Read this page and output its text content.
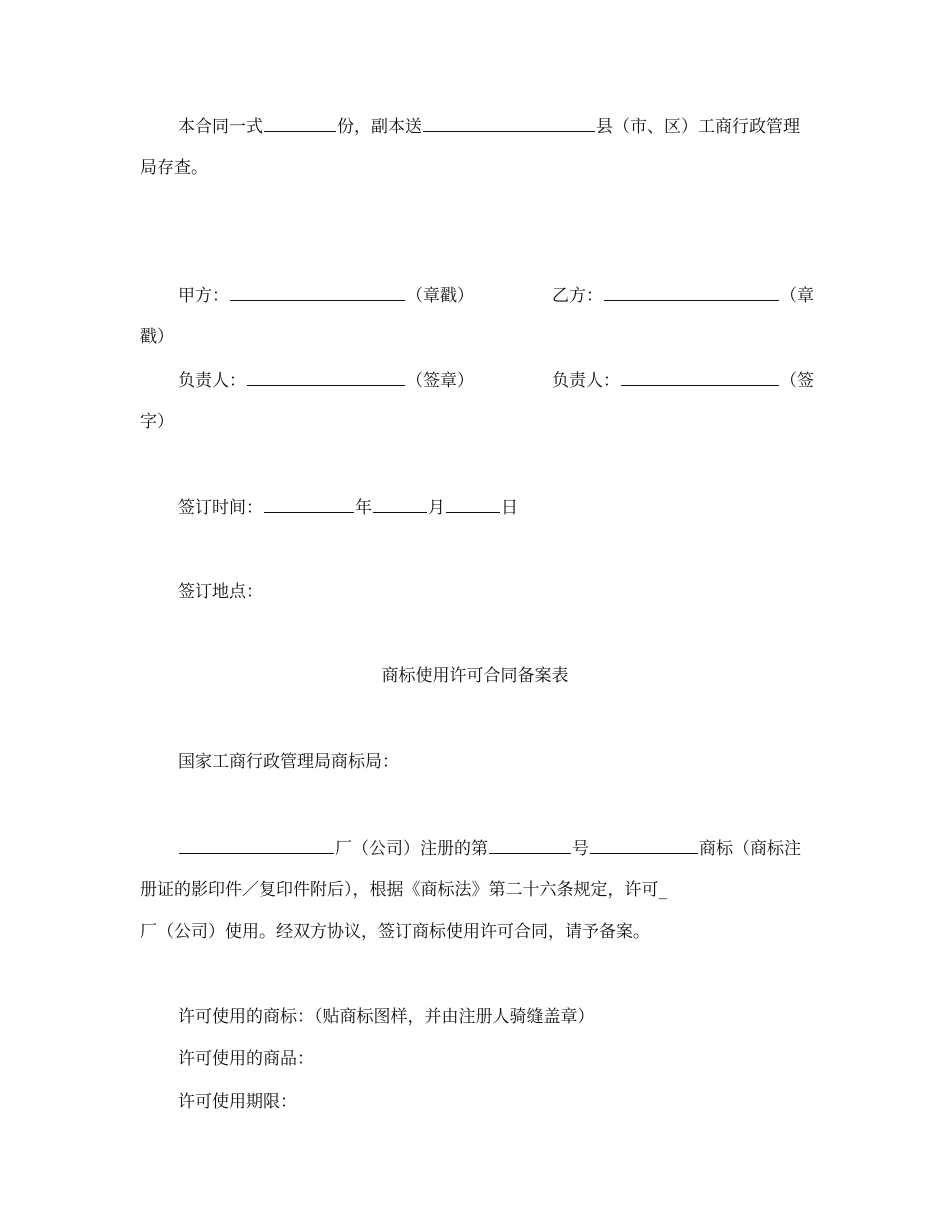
本合同一式	份，副本送	县（市、区）工商行政管理
局存查。
甲方：	（章戳）	乙方：	（章
戳）
负责人：	（签章）	负责人：	（签
字）
签订时间：	年	月	日
签订地点：
商标使用许可合同备案表
国家工商行政管理局商标局：
厂（公司）注册的第	号	商标（商标注
册证的影印件／复印件附后），根据《商标法》第二十六条规定，许可_
厂（公司）使用。经双方协议，签订商标使用许可合同，请予备案。
许可使用的商标：（贴商标图样，并由注册人骑缝盖章）
许可使用的商品：
许可使用期限：
